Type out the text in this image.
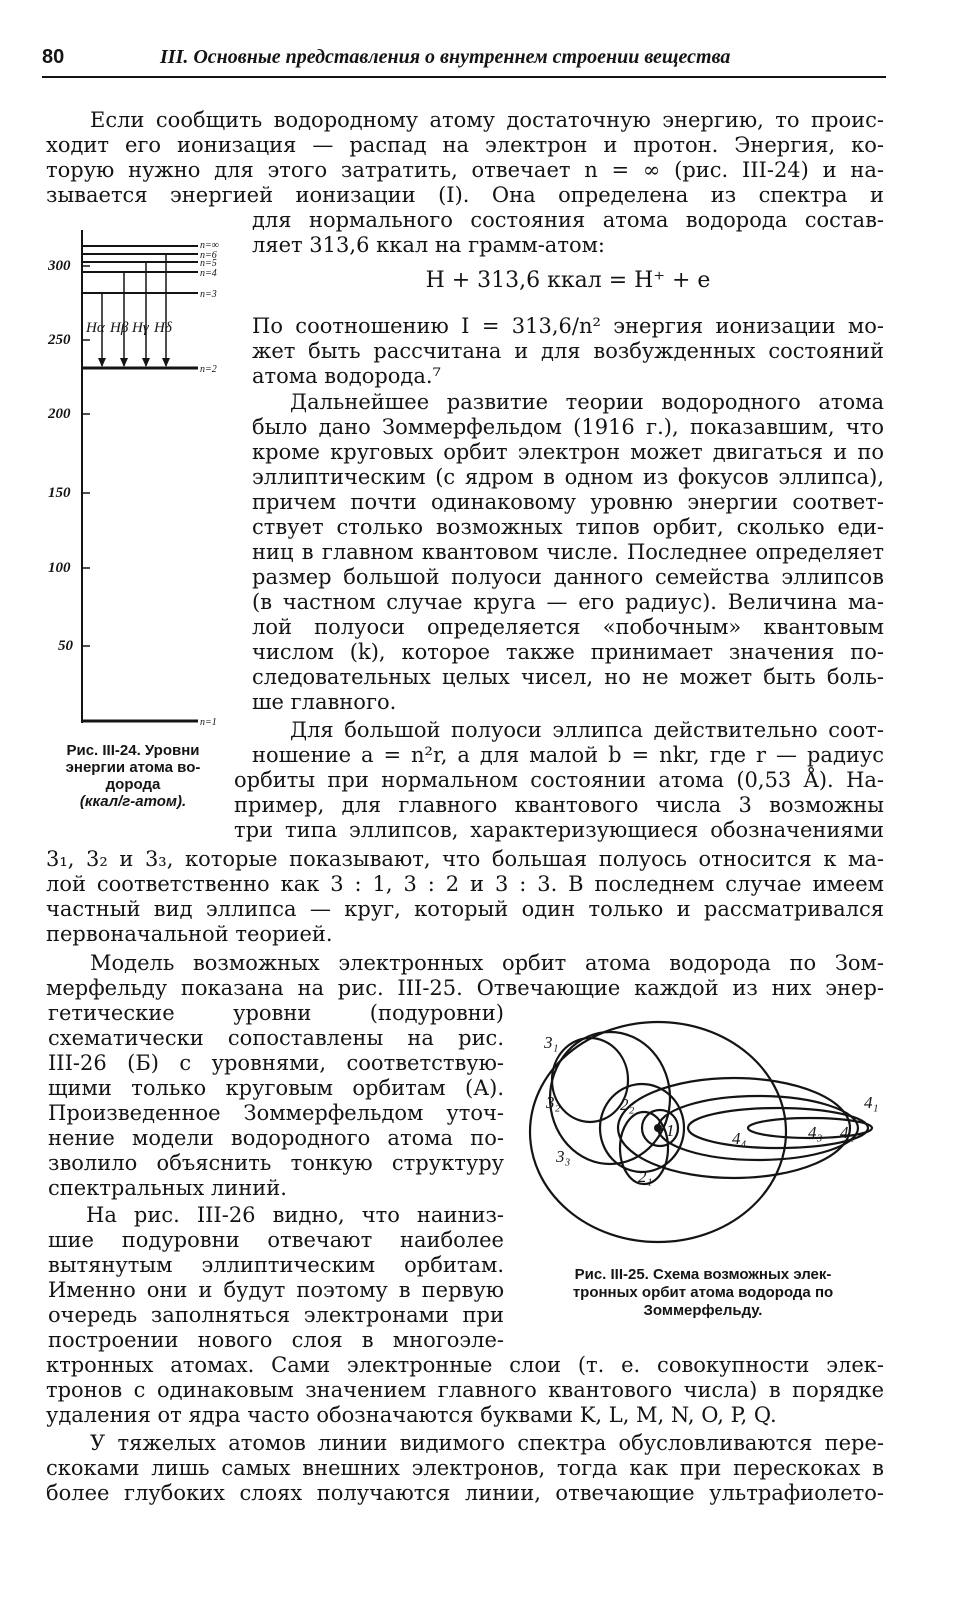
80	III. Основные представления о внутреннем строении вещества
Если сообщить водородному атому достаточную энергию, то проис-
ходит его ионизация — распад на электрон и протон. Энергия, ко-
торую нужно для этого затратить, отвечает n = ∞ (рис. III-24) и на-
зывается энергией ионизации (I). Она определена из спектра и
для нормального состояния атома водорода состав-
ляет 313,6 ккал на грамм-атом:
H + 313,6 ккал = H⁺ + e
По соотношению I = 313,6/n² энергия ионизации мо-
жет быть рассчитана и для возбужденных состояний
атома водорода.⁷
Дальнейшее развитие теории водородного атома
было дано Зоммерфельдом (1916 г.), показавшим, что
кроме круговых орбит электрон может двигаться и по
эллиптическим (с ядром в одном из фокусов эллипса),
причем почти одинаковому уровню энергии соответ-
ствует столько возможных типов орбит, сколько еди-
ниц в главном квантовом числе. Последнее определяет
размер большой полуоси данного семейства эллипсов
(в частном случае круга — его радиус). Величина ма-
лой полуоси определяется «побочным» квантовым
числом (k), которое также принимает значения по-
следовательных целых чисел, но не может быть боль-
ше главного.
Для большой полуоси эллипса действительно соот-
ношение a = n²r, а для малой b = nkr, где r — радиус
орбиты при нормальном состоянии атома (0,53 Å). На-
пример, для главного квантового числа 3 возможны
три типа эллипсов, характеризующиеся обозначениями
3₁, 3₂ и 3₃, которые показывают, что большая полуось относится к ма-
лой соответственно как 3 : 1, 3 : 2 и 3 : 3. В последнем случае имеем
частный вид эллипса — круг, который один только и рассматривался
первоначальной теорией.
Модель возможных электронных орбит атома водорода по Зом-
мерфельду показана на рис. III-25. Отвечающие каждой из них энер-
гетические уровни (подуровни)
схематически сопоставлены на рис.
III-26 (Б) с уровнями, соответствую-
щими только круговым орбитам (А).
Произведенное Зоммерфельдом уточ-
нение модели водородного атома по-
зволило объяснить тонкую структуру
спектральных линий.
На рис. III-26 видно, что наиниз-
шие подуровни отвечают наиболее
вытянутым эллиптическим орбитам.
Именно они и будут поэтому в первую
очередь заполняться электронами при
построении нового слоя в многоэле-
ктронных атомах. Сами электронные слои (т. е. совокупности элек-
тронов с одинаковым значением главного квантового числа) в порядке
удаления от ядра часто обозначаются буквами K, L, M, N, O, P, Q.
У тяжелых атомов линии видимого спектра обусловливаются пере-
скоками лишь самых внешних электронов, тогда как при перескоках в
более глубоких слоях получаются линии, отвечающие ультрафиолето-
300
250
200
150
100
50
n=∞
n=6
n=5
n=4
n=3
n=2
n=1
Hα Hβ Hγ Hδ
Рис. III-24. Уровни
энергии атома во-
дорода
(ккал/г-атом).
3₁
3₂
3₃
2₂
2₁
1	4₄	4₃ 4₂
4₁
Рис. III-25. Схема возможных элек-
тронных орбит атома водорода по
Зоммерфельду.
